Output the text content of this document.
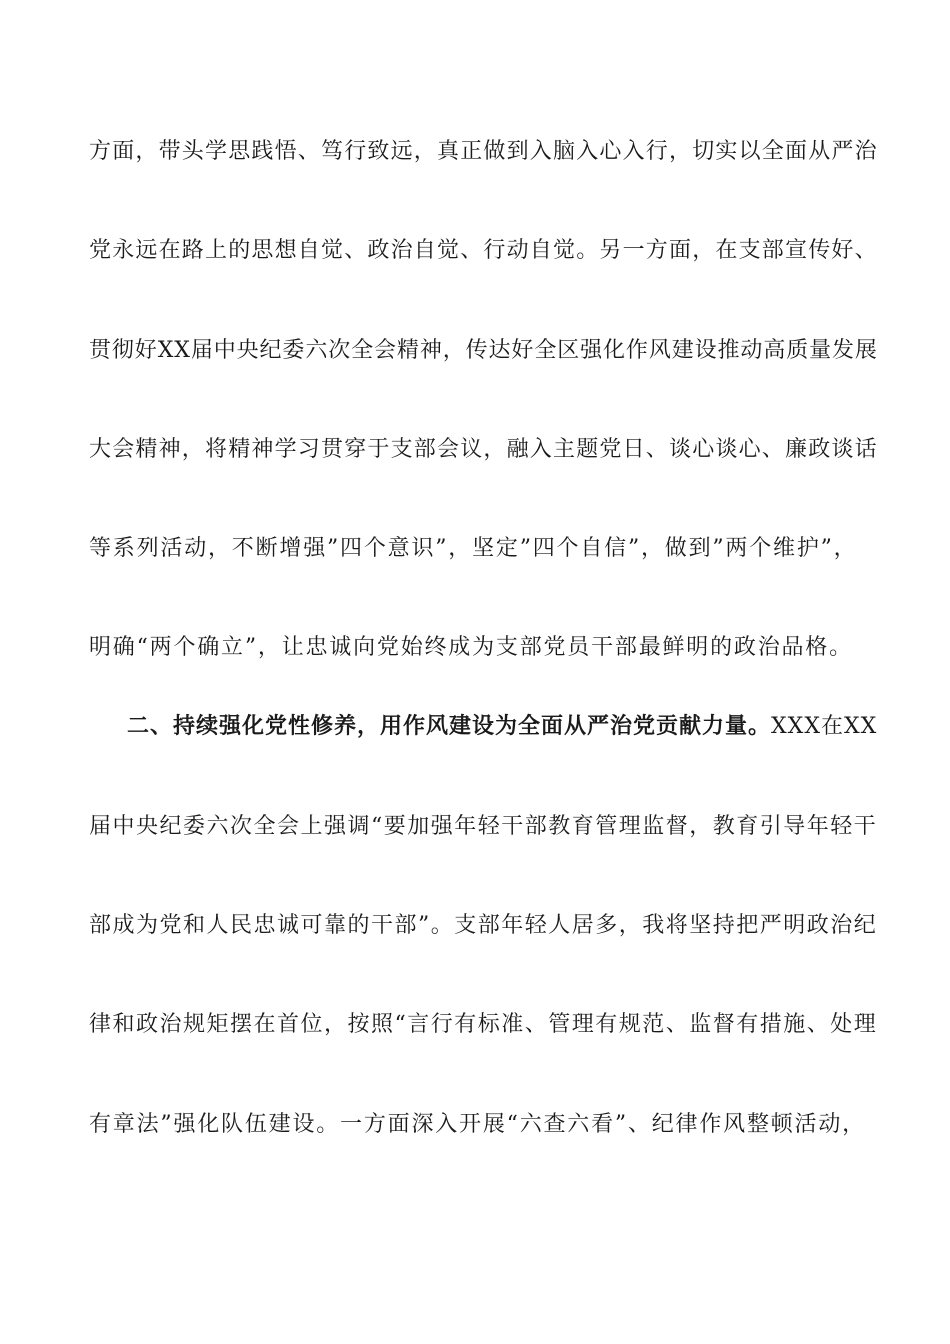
方面，带头学思践悟、笃行致远，真正做到入脑入心入行，切实以全面从严治
党永远在路上的思想自觉、政治自觉、行动自觉。另一方面，在支部宣传好、
贯彻好XX届中央纪委六次全会精神，传达好全区强化作风建设推动高质量发展
大会精神，将精神学习贯穿于支部会议，融入主题党日、谈心谈心、廉政谈话
等系列活动，不断增强”四个意识”，坚定”四个自信”，做到”两个维护”，
明确“两个确立”，让忠诚向党始终成为支部党员干部最鲜明的政治品格。
二、持续强化党性修养，用作风建设为全面从严治党贡献力量。XXX在XX
届中央纪委六次全会上强调“要加强年轻干部教育管理监督，教育引导年轻干
部成为党和人民忠诚可靠的干部”。支部年轻人居多，我将坚持把严明政治纪
律和政治规矩摆在首位，按照“言行有标准、管理有规范、监督有措施、处理
有章法”强化队伍建设。一方面深入开展“六查六看”、纪律作风整顿活动，
